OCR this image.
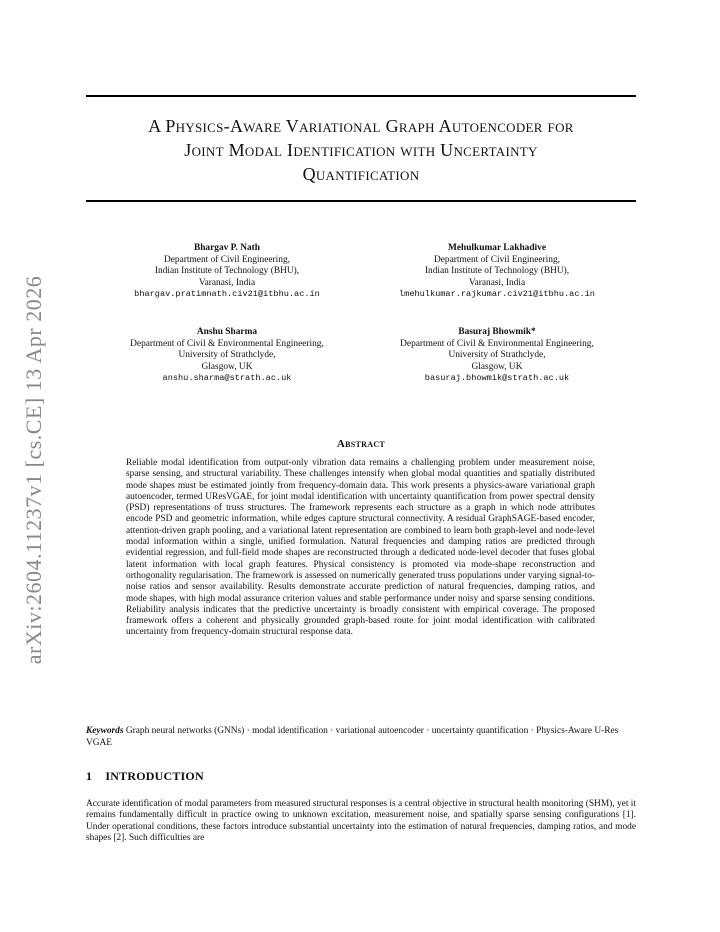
arXiv:2604.11237v1 [cs.CE] 13 Apr 2026
A Physics-Aware Variational Graph Autoencoder for
Joint Modal Identification with Uncertainty
Quantification
Bhargav P. Nath
Department of Civil Engineering,
Indian Institute of Technology (BHU),
Varanasi, India
bhargav.pratimnath.civ21@itbhu.ac.in
Mehulkumar Lakhadive
Department of Civil Engineering,
Indian Institute of Technology (BHU),
Varanasi, India
lmehulkumar.rajkumar.civ21@itbhu.ac.in
Anshu Sharma
Department of Civil & Environmental Engineering,
University of Strathclyde,
Glasgow, UK
anshu.sharma@strath.ac.uk
Basuraj Bhowmik*
Department of Civil & Environmental Engineering,
University of Strathclyde,
Glasgow, UK
basuraj.bhowmik@strath.ac.uk
Abstract
Reliable modal identification from output-only vibration data remains a challenging problem under measurement noise, sparse sensing, and structural variability. These challenges intensify when global modal quantities and spatially distributed mode shapes must be estimated jointly from frequency-domain data. This work presents a physics-aware variational graph autoencoder, termed UResVGAE, for joint modal identification with uncertainty quantification from power spectral density (PSD) representations of truss structures. The framework represents each structure as a graph in which node attributes encode PSD and geometric information, while edges capture structural connectivity. A residual GraphSAGE-based encoder, attention-driven graph pooling, and a variational latent representation are combined to learn both graph-level and node-level modal information within a single, unified formulation. Natural frequencies and damping ratios are predicted through evidential regression, and full-field mode shapes are reconstructed through a dedicated node-level decoder that fuses global latent information with local graph features. Physical consistency is promoted via mode-shape reconstruction and orthogonality regularisation. The framework is assessed on numerically generated truss populations under varying signal-to-noise ratios and sensor availability. Results demonstrate accurate prediction of natural frequencies, damping ratios, and mode shapes, with high modal assurance criterion values and stable performance under noisy and sparse sensing conditions. Reliability analysis indicates that the predictive uncertainty is broadly consistent with empirical coverage. The proposed framework offers a coherent and physically grounded graph-based route for joint modal identification with calibrated uncertainty from frequency-domain structural response data.
Keywords Graph neural networks (GNNs) · modal identification · variational autoencoder · uncertainty quantification · Physics-Aware U-Res VGAE
1 INTRODUCTION
Accurate identification of modal parameters from measured structural responses is a central objective in structural health monitoring (SHM), yet it remains fundamentally difficult in practice owing to unknown excitation, measurement noise, and spatially sparse sensing configurations [1]. Under operational conditions, these factors introduce substantial uncertainty into the estimation of natural frequencies, damping ratios, and mode shapes [2]. Such difficulties are
